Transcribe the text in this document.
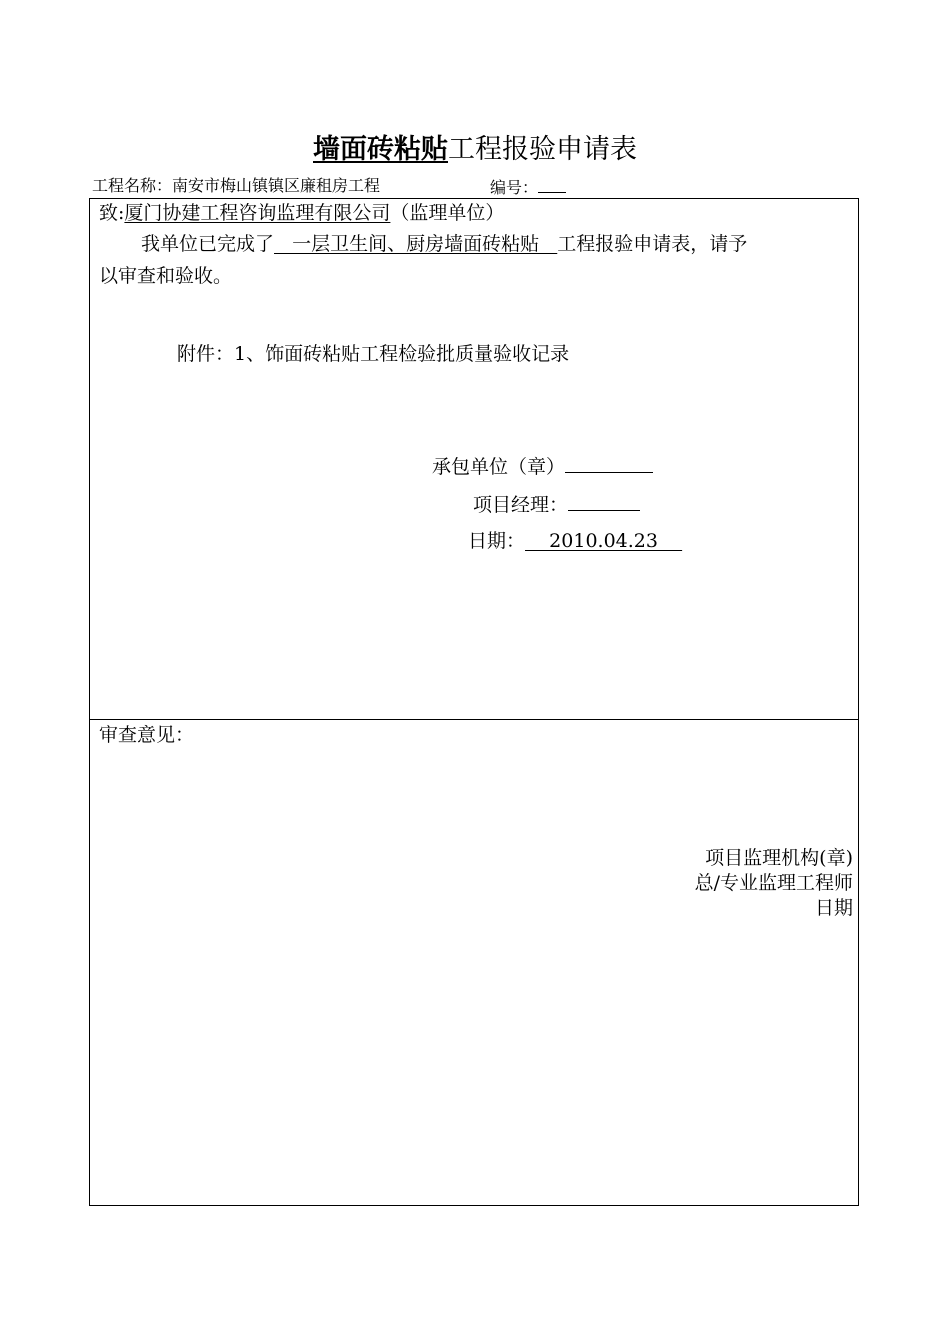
墙面砖粘贴工程报验申请表
工程名称：南安市梅山镇镇区廉租房工程	编号：
致:厦门协建工程咨询监理有限公司（监理单位）
我单位已完成了   一层卫生间、厨房墙面砖粘贴   工程报验申请表，请予
以审查和验收。
附件：1、饰面砖粘贴工程检验批质量验收记录
承包单位（章）
项目经理：
日期：    2010.04.23
审查意见：
项目监理机构(章)
总/专业监理工程师
日期
